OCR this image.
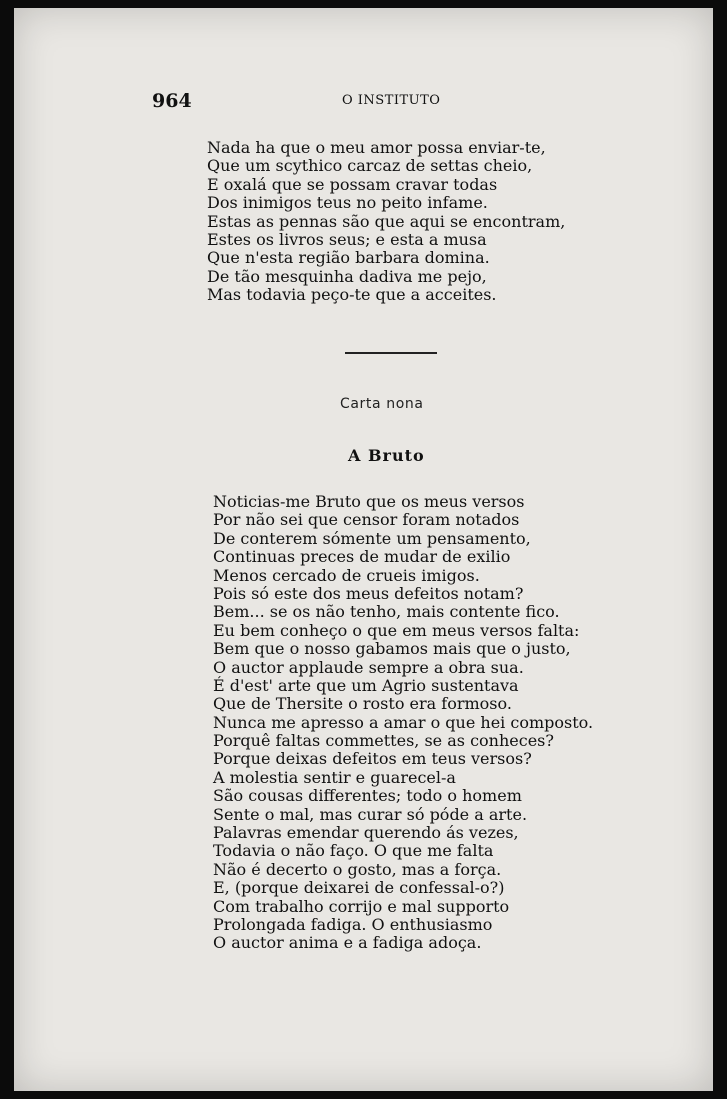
964	O INSTITUTO
Nada ha que o meu amor possa enviar-te,
Que um scythico carcaz de settas cheio,
E oxalá que se possam cravar todas
Dos inimigos teus no peito infame.
Estas as pennas são que aqui se encontram,
Estes os livros seus; e esta a musa
Que n'esta região barbara domina.
De tão mesquinha dadiva me pejo,
Mas todavia peço-te que a acceites.
Carta nona
A Bruto
Noticias-me Bruto que os meus versos
Por não sei que censor foram notados
De conterem sómente um pensamento,
Continuas preces de mudar de exilio
Menos cercado de crueis imigos.
Pois só este dos meus defeitos notam?
Bem... se os não tenho, mais contente fico.
Eu bem conheço o que em meus versos falta:
Bem que o nosso gabamos mais que o justo,
O auctor applaude sempre a obra sua.
É d'est' arte que um Agrio sustentava
Que de Thersite o rosto era formoso.
Nunca me apresso a amar o que hei composto.
Porquê faltas commettes, se as conheces?
Porque deixas defeitos em teus versos?
A molestia sentir e guarecel-a
São cousas differentes; todo o homem
Sente o mal, mas curar só póde a arte.
Palavras emendar querendo ás vezes,
Todavia o não faço. O que me falta
Não é decerto o gosto, mas a força.
E, (porque deixarei de confessal-o?)
Com trabalho corrijo e mal supporto
Prolongada fadiga. O enthusiasmo
O auctor anima e a fadiga adoça.
